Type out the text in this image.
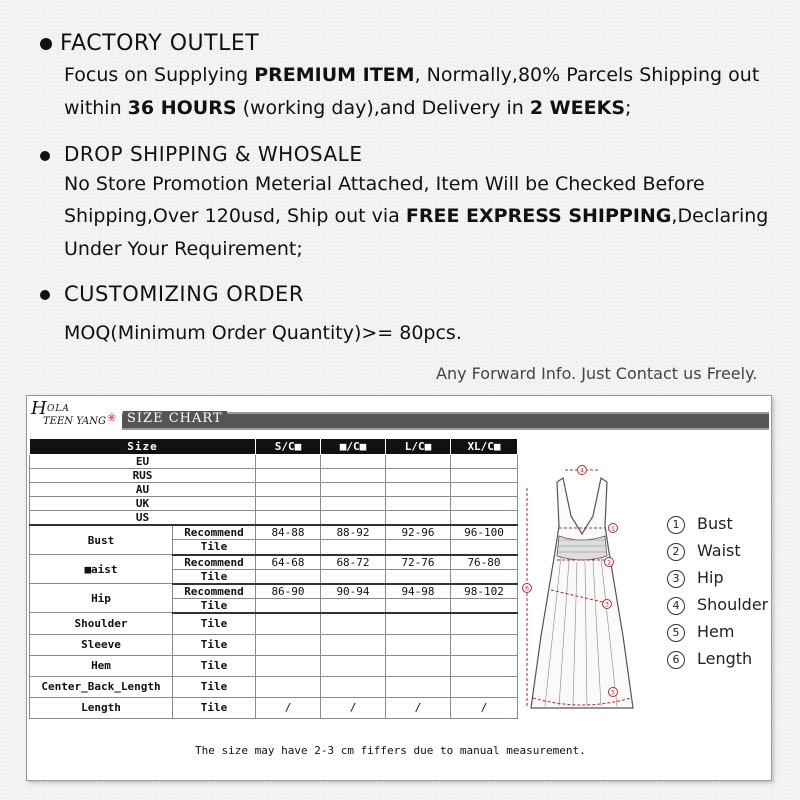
FACTORY OUTLET
Focus on Supplying PREMIUM ITEM, Normally,80% Parcels Shipping out
within 36 HOURS (working day),and Delivery in 2 WEEKS;
DROP SHIPPING & WHOSALE
No Store Promotion Meterial Attached, Item Will be Checked Before
Shipping,Over 120usd, Ship out via FREE EXPRESS SHIPPING,Declaring
Under Your Requirement;
CUSTOMIZING ORDER
MOQ(Minimum Order Quantity)>= 80pcs.
Any Forward Info. Just Contact us Freely.
H OLA
TEEN YANG ❀ SIZE CHART
Size		S/C■	■/C■	L/C■	XL/C■
EU					
RUS					
AU					
UK					
US					
Bust	Recommend	84-88	88-92	92-96	96-100
	Tile				
■aist	Recommend	64-68	68-72	72-76	76-80
	Tile				
Hip	Recommend	86-90	90-94	94-98	98-102
	Tile				
Shoulder	Tile				
Sleeve	Tile				
Hem	Tile				
Center_Back_Length	Tile				
Length	Tile	/	/	/	/
The size may have 2-3 cm fiffers due to manual measurement.
4
1
2
6
3
5
1 Bust
2 Waist
3 Hip
4 Shoulder
5 Hem
6 Length
